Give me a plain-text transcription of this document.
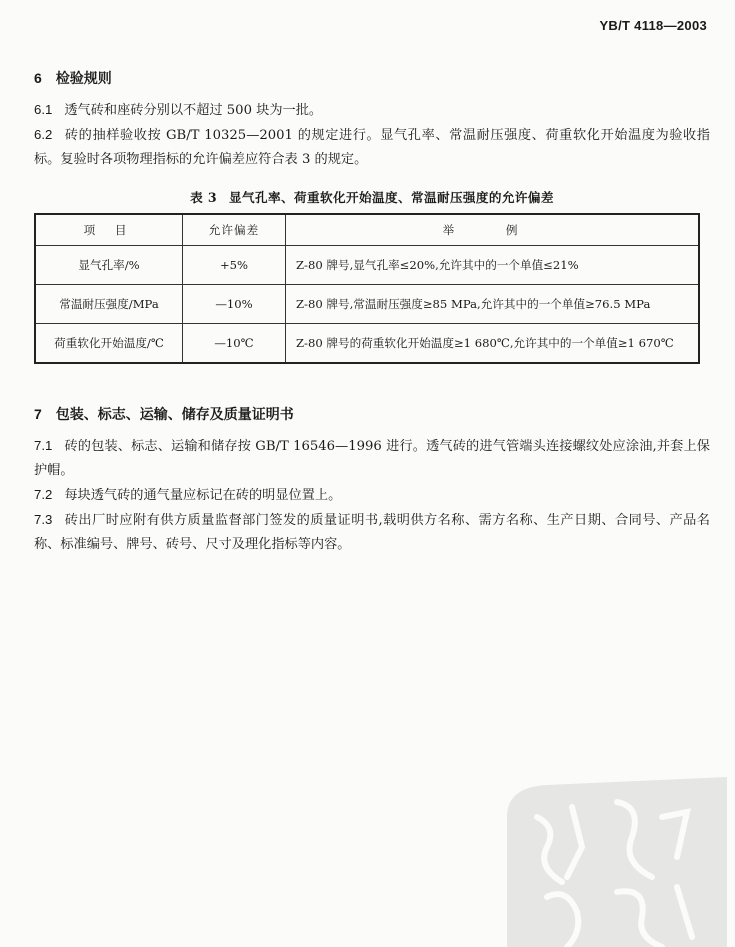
YB/T 4118—2003
6 检验规则

6.1 透气砖和座砖分别以不超过 500 块为一批。

6.2 砖的抽样验收按 GB/T 10325—2001 的规定进行。显气孔率、常温耐压强度、荷重软化开始温度为验收指标。复验时各项物理指标的允许偏差应符合表 3 的规定。

表 3 显气孔率、荷重软化开始温度、常温耐压强度的允许偏差
项 目	允许偏差	举 例
显气孔率/%	+5%	Z-80 牌号,显气孔率≤20%,允许其中的一个单值≤21%
常温耐压强度/MPa	—10%	Z-80 牌号,常温耐压强度≥85 MPa,允许其中的一个单值≥76.5 MPa
荷重软化开始温度/℃	—10℃	Z-80 牌号的荷重软化开始温度≥1 680℃,允许其中的一个单值≥1 670℃
7 包装、标志、运输、储存及质量证明书

7.1 砖的包装、标志、运输和储存按 GB/T 16546—1996 进行。透气砖的进气管端头连接螺纹处应涂油,并套上保护帽。

7.2 每块透气砖的通气量应标记在砖的明显位置上。

7.3 砖出厂时应附有供方质量监督部门签发的质量证明书,载明供方名称、需方名称、生产日期、合同号、产品名称、标准编号、牌号、砖号、尺寸及理化指标等内容。
